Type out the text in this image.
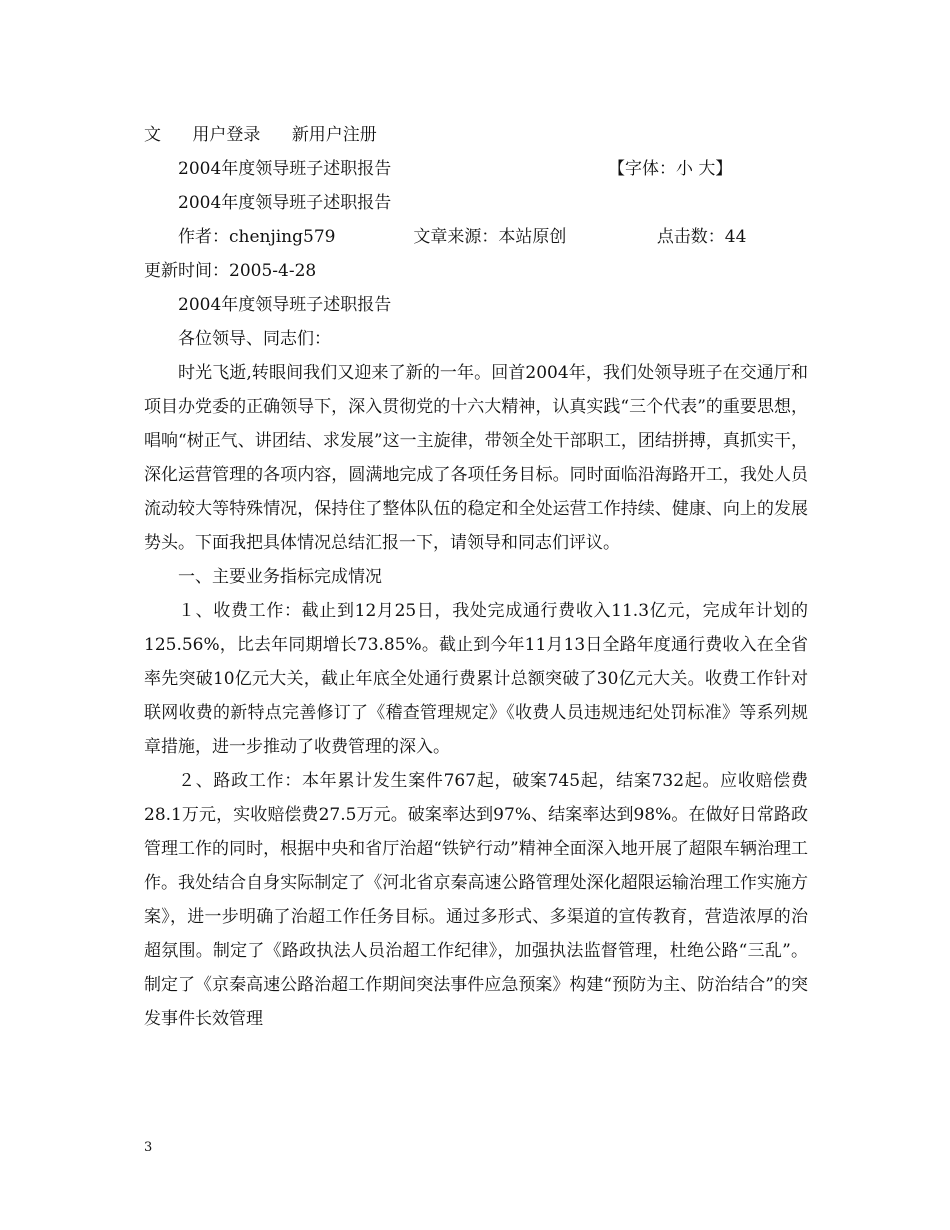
文 用户登录 新用户注册
2004年度领导班子述职报告	【字体：小 大】
2004年度领导班子述职报告
作者：chenjing579	文章来源：本站原创	点击数：44
更新时间：2005-4-28
2004年度领导班子述职报告
各位领导、同志们：

时光飞逝,转眼间我们又迎来了新的一年。回首2004年，我们处领导班子在交通厅和项目办党委的正确领导下，深入贯彻党的十六大精神，认真实践“三个代表”的重要思想，唱响“树正气、讲团结、求发展”这一主旋律，带领全处干部职工，团结拼搏，真抓实干，深化运营管理的各项内容，圆满地完成了各项任务目标。同时面临沿海路开工，我处人员流动较大等特殊情况，保持住了整体队伍的稳定和全处运营工作持续、健康、向上的发展势头。下面我把具体情况总结汇报一下，请领导和同志们评议。

一、主要业务指标完成情况

１、收费工作：截止到12月25日，我处完成通行费收入11.3亿元，完成年计划的125.56%，比去年同期增长73.85%。截止到今年11月13日全路年度通行费收入在全省率先突破10亿元大关，截止年底全处通行费累计总额突破了30亿元大关。收费工作针对联网收费的新特点完善修订了《稽查管理规定》《收费人员违规违纪处罚标准》等系列规章措施，进一步推动了收费管理的深入。

２、路政工作：本年累计发生案件767起，破案745起，结案732起。应收赔偿费28.1万元，实收赔偿费27.5万元。破案率达到97%、结案率达到98%。在做好日常路政管理工作的同时，根据中央和省厅治超“铁铲行动”精神全面深入地开展了超限车辆治理工作。我处结合自身实际制定了《河北省京秦高速公路管理处深化超限运输治理工作实施方案》，进一步明确了治超工作任务目标。通过多形式、多渠道的宣传教育，营造浓厚的治超氛围。制定了《路政执法人员治超工作纪律》，加强执法监督管理，杜绝公路“三乱”。制定了《京秦高速公路治超工作期间突法事件应急预案》构建“预防为主、防治结合”的突发事件长效管理

3
